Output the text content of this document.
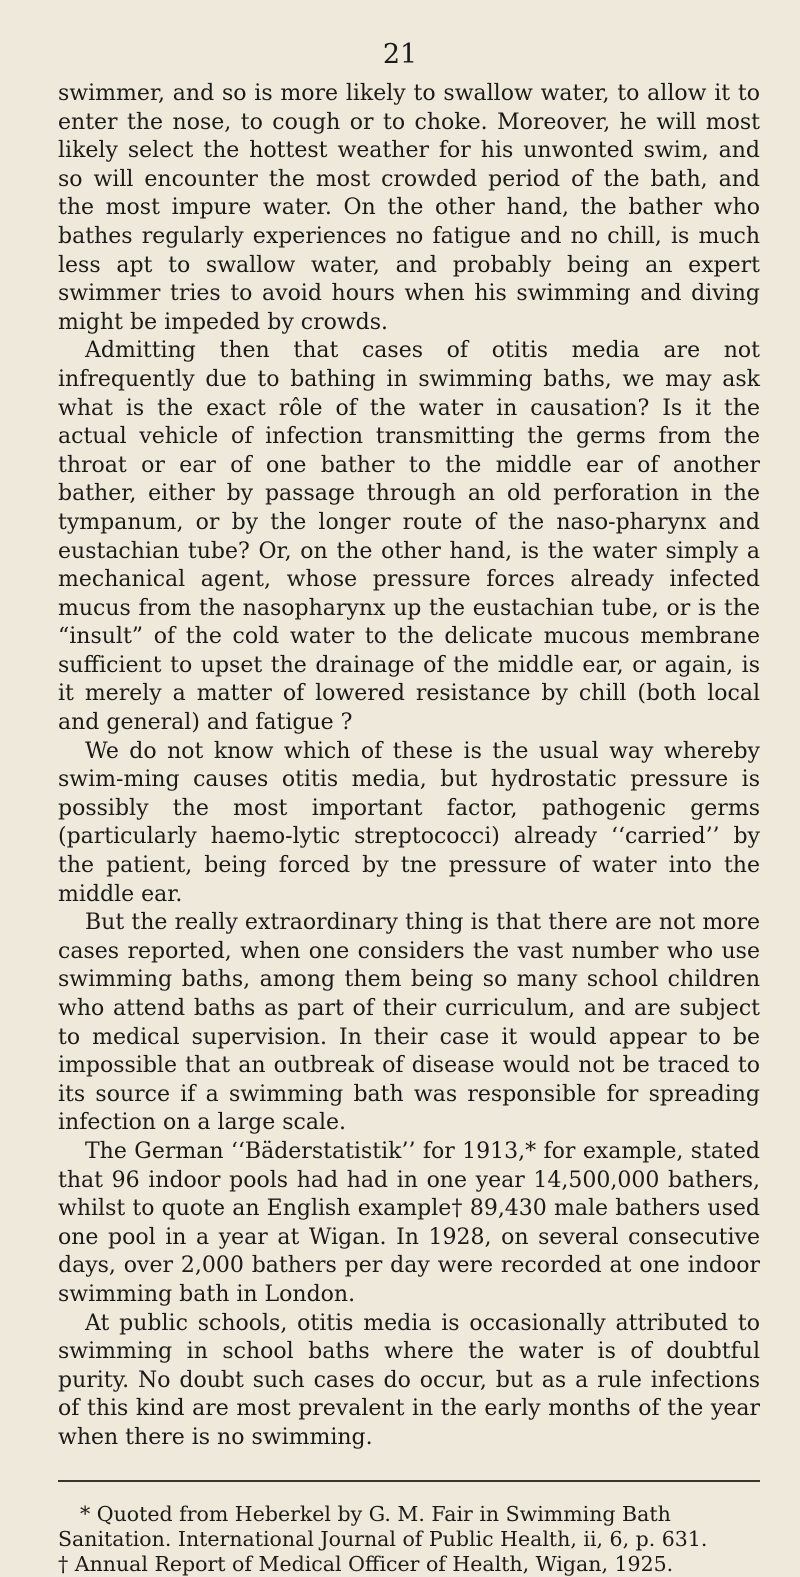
21

swimmer, and so is more likely to swallow water, to allow it to enter the nose, to cough or to choke. Moreover, he will most likely select the hottest weather for his unwonted swim, and so will encounter the most crowded period of the bath, and the most impure water. On the other hand, the bather who bathes regularly experiences no fatigue and no chill, is much less apt to swallow water, and probably being an expert swimmer tries to avoid hours when his swimming and diving might be impeded by crowds.

Admitting then that cases of otitis media are not infrequently due to bathing in swimming baths, we may ask what is the exact rôle of the water in causation? Is it the actual vehicle of infection transmitting the germs from the throat or ear of one bather to the middle ear of another bather, either by passage through an old perforation in the tympanum, or by the longer route of the naso-pharynx and eustachian tube? Or, on the other hand, is the water simply a mechanical agent, whose pressure forces already infected mucus from the nasopharynx up the eustachian tube, or is the “insult” of the cold water to the delicate mucous membrane sufficient to upset the drainage of the middle ear, or again, is it merely a matter of lowered resistance by chill (both local and general) and fatigue ?

We do not know which of these is the usual way whereby swim-ming causes otitis media, but hydrostatic pressure is possibly the most important factor, pathogenic germs (particularly haemo-lytic streptococci) already ‘‘carried’’ by the patient, being forced by tne pressure of water into the middle ear.

But the really extraordinary thing is that there are not more cases reported, when one considers the vast number who use swimming baths, among them being so many school children who attend baths as part of their curriculum, and are subject to medical supervision. In their case it would appear to be impossible that an outbreak of disease would not be traced to its source if a swimming bath was responsible for spreading infection on a large scale.

The German ‘‘Bäderstatistik’’ for 1913,* for example, stated that 96 indoor pools had had in one year 14,500,000 bathers, whilst to quote an English example† 89,430 male bathers used one pool in a year at Wigan. In 1928, on several consecutive days, over 2,000 bathers per day were recorded at one indoor swimming bath in London.

At public schools, otitis media is occasionally attributed to swimming in school baths where the water is of doubtful purity. No doubt such cases do occur, but as a rule infections of this kind are most prevalent in the early months of the year when there is no swimming.

* Quoted from Heberkel by G. M. Fair in Swimming Bath Sanitation. International Journal of Public Health, ii, 6, p. 631.

† Annual Report of Medical Officer of Health, Wigan, 1925.
